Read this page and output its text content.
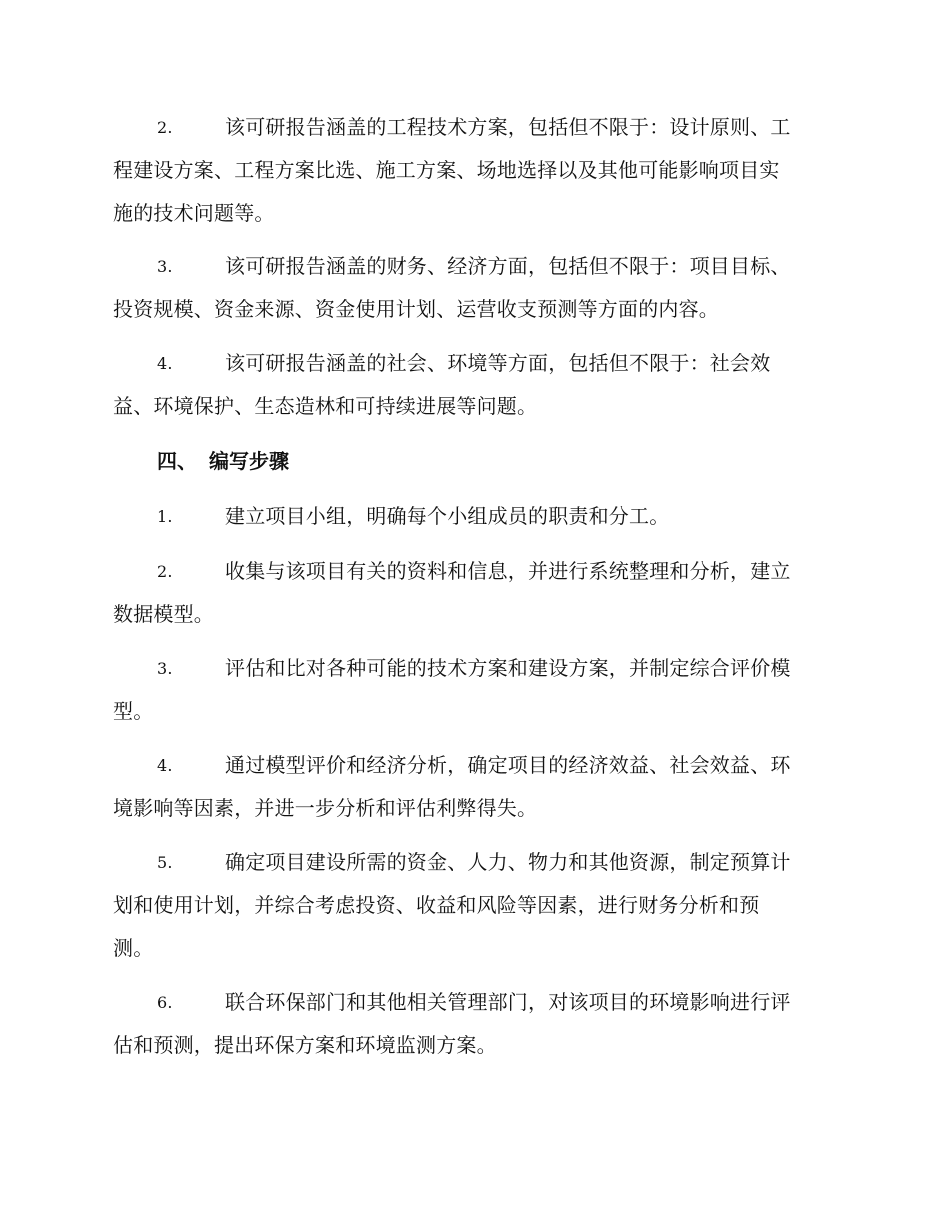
2.	该可研报告涵盖的工程技术方案，包括但不限于：设计原则、工
程建设方案、工程方案比选、施工方案、场地选择以及其他可能影响项目实
施的技术问题等。
3.	该可研报告涵盖的财务、经济方面，包括但不限于：项目目标、
投资规模、资金来源、资金使用计划、运营收支预测等方面的内容。
4.	该可研报告涵盖的社会、环境等方面，包括但不限于：社会效
益、环境保护、生态造林和可持续进展等问题。
四、 编写步骤
1.	建立项目小组，明确每个小组成员的职责和分工。
2.	收集与该项目有关的资料和信息，并进行系统整理和分析，建立
数据模型。
3.	评估和比对各种可能的技术方案和建设方案，并制定综合评价模
型。
4.	通过模型评价和经济分析，确定项目的经济效益、社会效益、环
境影响等因素，并进一步分析和评估利弊得失。
5.	确定项目建设所需的资金、人力、物力和其他资源，制定预算计
划和使用计划，并综合考虑投资、收益和风险等因素，进行财务分析和预
测。
6.	联合环保部门和其他相关管理部门，对该项目的环境影响进行评
估和预测，提出环保方案和环境监测方案。
